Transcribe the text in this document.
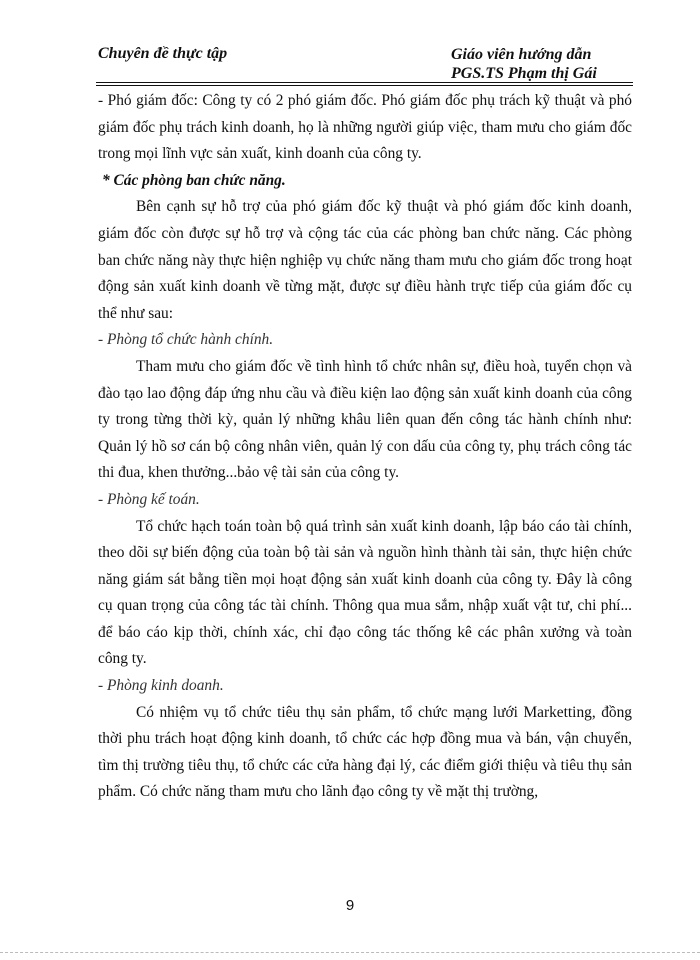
Chuyên đề thực tập	Giáo viên hướng dẫn
PGS.TS Phạm thị Gái

- Phó giám đốc: Công ty có 2 phó giám đốc. Phó giám đốc phụ trách kỹ thuật và phó giám đốc phụ trách kinh doanh, họ là những người giúp việc, tham mưu cho giám đốc trong mọi lĩnh vực sản xuất, kinh doanh của công ty.

* Các phòng ban chức năng.

Bên cạnh sự hỗ trợ của phó giám đốc kỹ thuật và phó giám đốc kinh doanh, giám đốc còn được sự hỗ trợ và cộng tác của các phòng ban chức năng. Các phòng ban chức năng này thực hiện nghiệp vụ chức năng tham mưu cho giám đốc trong hoạt động sản xuất kinh doanh về từng mặt, được sự điều hành trực tiếp của giám đốc cụ thể như sau:

- Phòng tổ chức hành chính.

Tham mưu cho giám đốc về tình hình tổ chức nhân sự, điều hoà, tuyển chọn và đào tạo lao động đáp ứng nhu cầu và điều kiện lao động sản xuất kinh doanh của công ty trong từng thời kỳ, quản lý những khâu liên quan đến công tác hành chính như: Quản lý hồ sơ cán bộ công nhân viên, quản lý con dấu của công ty, phụ trách công tác thi đua, khen thưởng...bảo vệ tài sản của công ty.

- Phòng kế toán.

Tổ chức hạch toán toàn bộ quá trình sản xuất kinh doanh, lập báo cáo tài chính, theo dõi sự biến động của toàn bộ tài sản và nguồn hình thành tài sản, thực hiện chức năng giám sát bằng tiền mọi hoạt động sản xuất kinh doanh của công ty. Đây là công cụ quan trọng của công tác tài chính. Thông qua mua sắm, nhập xuất vật tư, chi phí... để báo cáo kịp thời, chính xác, chỉ đạo công tác thống kê các phân xưởng và toàn công ty.

- Phòng kinh doanh.

Có nhiệm vụ tổ chức tiêu thụ sản phẩm, tổ chức mạng lưới Marketting, đồng thời phu trách hoạt động kinh doanh, tổ chức các hợp đồng mua và bán, vận chuyển, tìm thị trường tiêu thụ, tổ chức các cửa hàng đại lý, các điểm giới thiệu và tiêu thụ sản phẩm. Có chức năng tham mưu cho lãnh đạo công ty về mặt thị trường,

9
